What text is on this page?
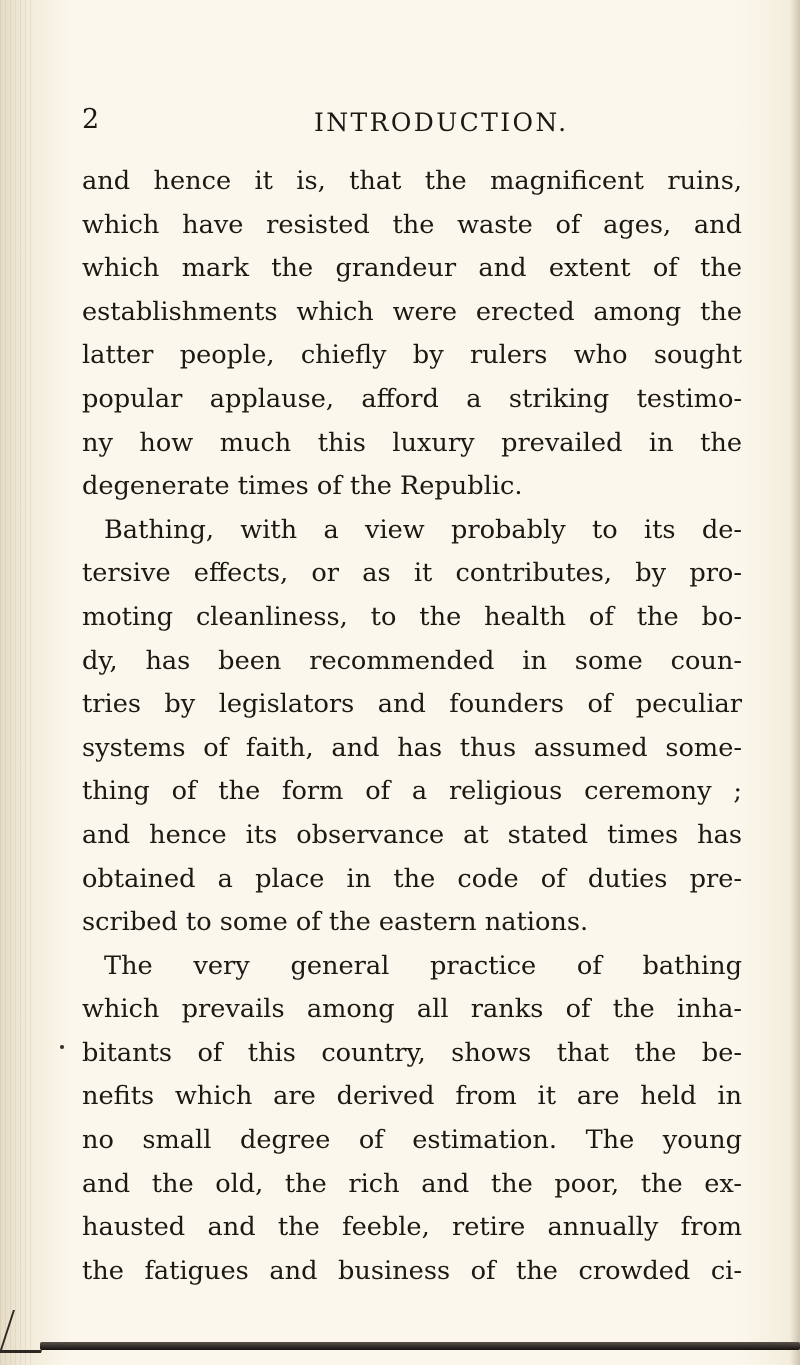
2	INTRODUCTION.
and hence it is, that the magnificent ruins,
which have resisted the waste of ages, and
which mark the grandeur and extent of the
establishments which were erected among the
latter people, chiefly by rulers who sought
popular applause, afford a striking testimo-
ny how much this luxury prevailed in the
degenerate times of the Republic.
Bathing, with a view probably to its de-
tersive effects, or as it contributes, by pro-
moting cleanliness, to the health of the bo-
dy, has been recommended in some coun-
tries by legislators and founders of peculiar
systems of faith, and has thus assumed some-
thing of the form of a religious ceremony ;
and hence its observance at stated times has
obtained a place in the code of duties pre-
scribed to some of the eastern nations.
The very general practice of bathing
which prevails among all ranks of the inha-
bitants of this country, shows that the be-
nefits which are derived from it are held in
no small degree of estimation. The young
and the old, the rich and the poor, the ex-
hausted and the feeble, retire annually from
the fatigues and business of the crowded ci-
